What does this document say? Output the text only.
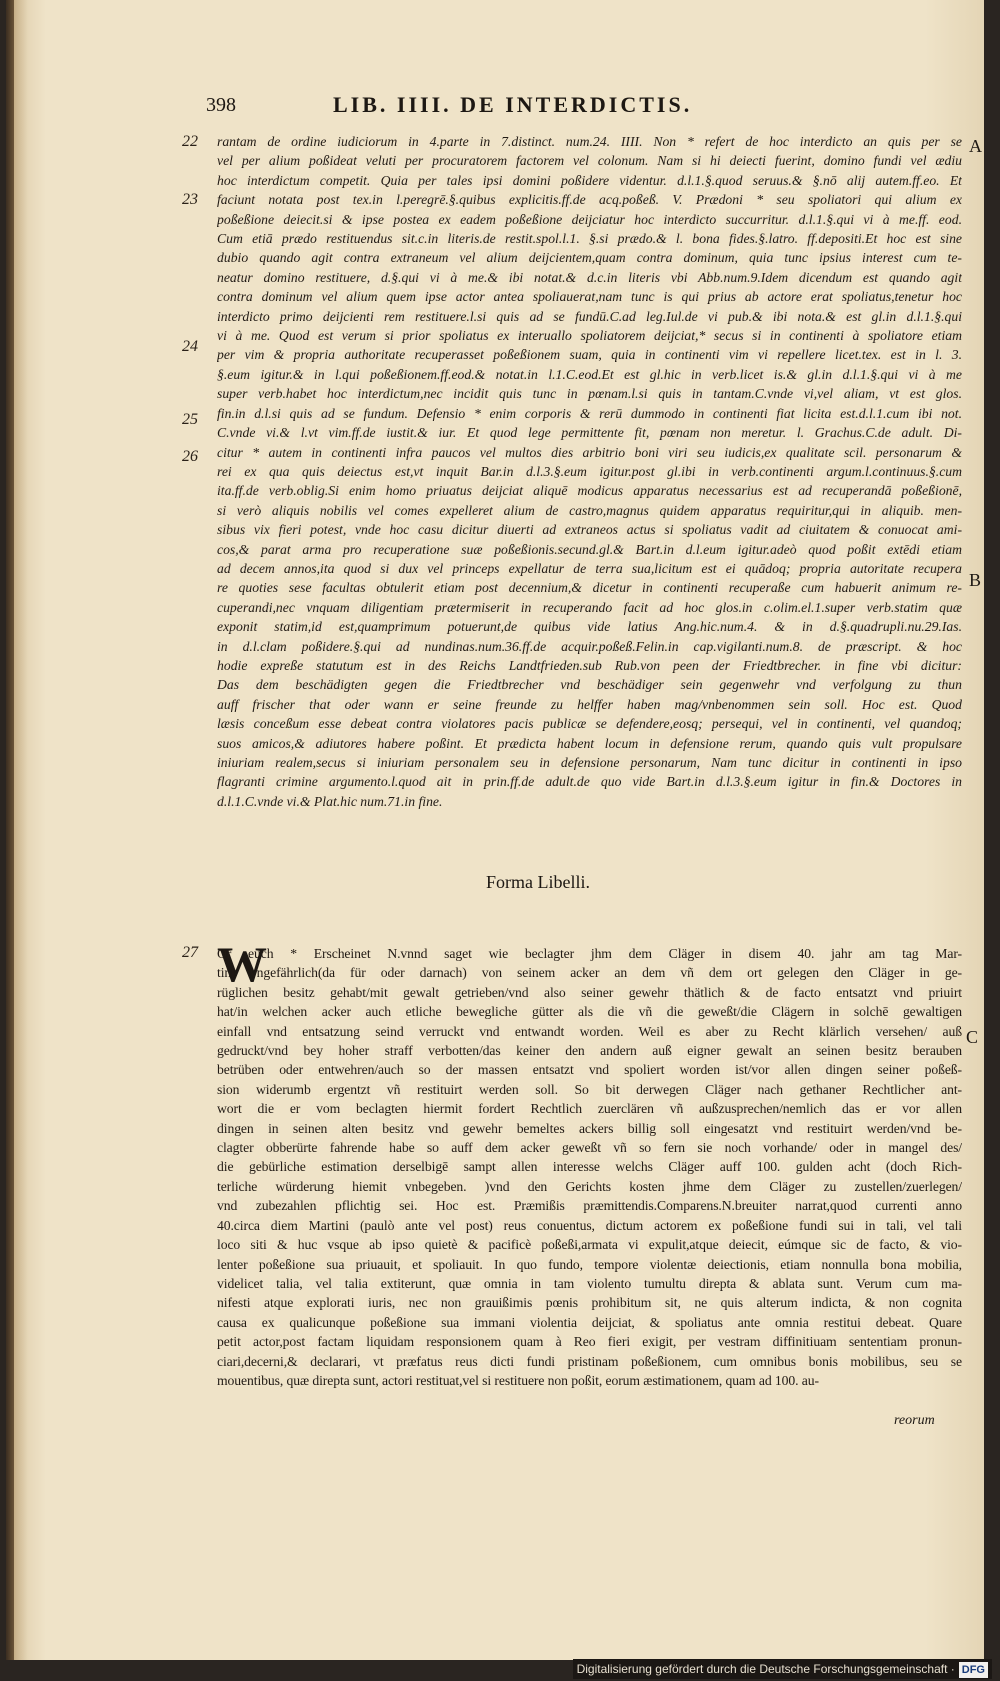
398	LIB. IIII. DE INTERDICTIS.
22
23
24
25
26
27
A
B
C
rantam de ordine iudiciorum in 4.parte in 7.distinct. num.24. IIII. Non * refert de hoc interdicto an quis per se
vel per alium poßideat veluti per procuratorem factorem vel colonum. Nam si hi deiecti fuerint, domino fundi vel ædiu
hoc interdictum competit. Quia per tales ipsi domini poßidere videntur. d.l.1.§.quod seruus.& §.nō alij autem.ff.eo. Et
faciunt notata post tex.in l.peregrē.§.quibus explicitis.ff.de acq.poßeß. V. Prædoni * seu spoliatori qui alium ex
poßeßione deiecit.si & ipse postea ex eadem poßeßione deijciatur hoc interdicto succurritur. d.l.1.§.qui vi à me.ff. eod.
Cum etiā prædo restituendus sit.c.in literis.de restit.spol.l.1. §.si prædo.& l. bona fides.§.latro. ff.depositi.Et hoc est sine
dubio quando agit contra extraneum vel alium deijcientem,quam contra dominum, quia tunc ipsius interest cum te-
neatur domino restituere, d.§.qui vi à me.& ibi notat.& d.c.in literis vbi Abb.num.9.Idem dicendum est quando agit
contra dominum vel alium quem ipse actor antea spoliauerat,nam tunc is qui prius ab actore erat spoliatus,tenetur hoc
interdicto primo deijcienti rem restituere.l.si quis ad se fundū.C.ad leg.Iul.de vi pub.& ibi nota.& est gl.in d.l.1.§.qui
vi à me. Quod est verum si prior spoliatus ex interuallo spoliatorem deijciat,* secus si in continenti à spoliatore etiam
per vim & propria authoritate recuperasset poßeßionem suam, quia in continenti vim vi repellere licet.tex. est in l. 3.
§.eum igitur.& in l.qui poßeßionem.ff.eod.& notat.in l.1.C.eod.Et est gl.hic in verb.licet is.& gl.in d.l.1.§.qui vi à me
super verb.habet hoc interdictum,nec incidit quis tunc in pœnam.l.si quis in tantam.C.vnde vi,vel aliam, vt est glos.
fin.in d.l.si quis ad se fundum. Defensio * enim corporis & rerū dummodo in continenti fiat licita est.d.l.1.cum ibi not.
C.vnde vi.& l.vt vim.ff.de iustit.& iur. Et quod lege permittente fit, pœnam non meretur. l. Grachus.C.de adult. Di-
citur * autem in continenti infra paucos vel multos dies arbitrio boni viri seu iudicis,ex qualitate scil. personarum &
rei ex qua quis deiectus est,vt inquit Bar.in d.l.3.§.eum igitur.post gl.ibi in verb.continenti argum.l.continuus.§.cum
ita.ff.de verb.oblig.Si enim homo priuatus deijciat aliquē modicus apparatus necessarius est ad recuperandā poßeßionē,
si verò aliquis nobilis vel comes expelleret alium de castro,magnus quidem apparatus requiritur,qui in aliquib. men-
sibus vix fieri potest, vnde hoc casu dicitur diuerti ad extraneos actus si spoliatus vadit ad ciuitatem & conuocat ami-
cos,& parat arma pro recuperatione suæ poßeßionis.secund.gl.& Bart.in d.l.eum igitur.adeò quod poßit extēdi etiam
ad decem annos,ita quod si dux vel princeps expellatur de terra sua,licitum est ei quādoq; propria autoritate recupera
re quoties sese facultas obtulerit etiam post decennium,& dicetur in continenti recuperaße cum habuerit animum re-
cuperandi,nec vnquam diligentiam prætermiserit in recuperando facit ad hoc glos.in c.olim.el.1.super verb.statim quæ
exponit statim,id est,quamprimum potuerunt,de quibus vide latius Ang.hic.num.4. & in d.§.quadrupli.nu.29.Ias.
in d.l.clam poßidere.§.qui ad nundinas.num.36.ff.de acquir.poßeß.Felin.in cap.vigilanti.num.8. de præscript. & hoc
hodie expreße statutum est in des Reichs Landtfrieden.sub Rub.von peen der Friedtbrecher. in fine vbi dicitur:
Das dem beschädigten gegen die Friedtbrecher vnd beschädiger sein gegenwehr vnd verfolgung zu thun
auff frischer that oder wann er seine freunde zu helffer haben mag/vnbenommen sein soll. Hoc est. Quod
læsis conceßum esse debeat contra violatores pacis publicæ se defendere,eosq; persequi, vel in continenti, vel quandoq;
suos amicos,& adiutores habere poßint. Et prædicta habent locum in defensione rerum, quando quis vult propulsare
iniuriam realem,secus si iniuriam personalem seu in defensione personarum, Nam tunc dicitur in continenti in ipso
flagranti crimine argumento.l.quod ait in prin.ff.de adult.de quo vide Bart.in d.l.3.§.eum igitur in fin.& Doctores in
d.l.1.C.vnde vi.& Plat.hic num.71.in fine.
Forma Libelli.
W
Or euch * Erscheinet N.vnnd saget wie beclagter jhm dem Cläger in disem 40. jahr am tag Mar-
tini vngefährlich(da für oder darnach) von seinem acker an dem vñ dem ort gelegen den Cläger in ge-
rüglichen besitz gehabt/mit gewalt getrieben/vnd also seiner gewehr thätlich & de facto entsatzt vnd priuirt
hat/in welchen acker auch etliche bewegliche gütter als die vñ die geweßt/die Clägern in solchē gewaltigen
einfall vnd entsatzung seind verruckt vnd entwandt worden. Weil es aber zu Recht klärlich versehen/ auß
gedruckt/vnd bey hoher straff verbotten/das keiner den andern auß eigner gewalt an seinen besitz berauben
betrüben oder entwehren/auch so der massen entsatzt vnd spoliert worden ist/vor allen dingen seiner poßeß-
sion widerumb ergentzt vñ restituirt werden soll. So bit derwegen Cläger nach gethaner Rechtlicher ant-
wort die er vom beclagten hiermit fordert Rechtlich zuerclären vñ außzusprechen/nemlich das er vor allen
dingen in seinen alten besitz vnd gewehr bemeltes ackers billig soll eingesatzt vnd restituirt werden/vnd be-
clagter obberürte fahrende habe so auff dem acker geweßt vñ so fern sie noch vorhande/ oder in mangel des/
die gebürliche estimation derselbigē sampt allen interesse welchs Cläger auff 100. gulden acht (doch Rich-
terliche würderung hiemit vnbegeben. )vnd den Gerichts kosten jhme dem Cläger zu zustellen/zuerlegen/
vnd zubezahlen pflichtig sei. Hoc est. Præmißis præmittendis.Comparens.N.breuiter narrat,quod currenti anno
40.circa diem Martini (paulò ante vel post) reus conuentus, dictum actorem ex poßeßione fundi sui in tali, vel tali
loco siti & huc vsque ab ipso quietè & pacificè poßeßi,armata vi expulit,atque deiecit, eúmque sic de facto, & vio-
lenter poßeßione sua priuauit, et spoliauit. In quo fundo, tempore violentæ deiectionis, etiam nonnulla bona mobilia,
videlicet talia, vel talia extiterunt, quæ omnia in tam violento tumultu direpta & ablata sunt. Verum cum ma-
nifesti atque explorati iuris, nec non grauißimis pœnis prohibitum sit, ne quis alterum indicta, & non cognita
causa ex qualicunque poßeßione sua immani violentia deijciat, & spoliatus ante omnia restitui debeat. Quare
petit actor,post factam liquidam responsionem quam à Reo fieri exigit, per vestram diffinitiuam sententiam pronun-
ciari,decerni,& declarari, vt præfatus reus dicti fundi pristinam poßeßionem, cum omnibus bonis mobilibus, seu se
mouentibus, quæ direpta sunt, actori restituat,vel si restituere non poßit, eorum æstimationem, quam ad 100. au-
reorum
Digitalisierung gefördert durch die Deutsche Forschungsgemeinschaft · DFG
